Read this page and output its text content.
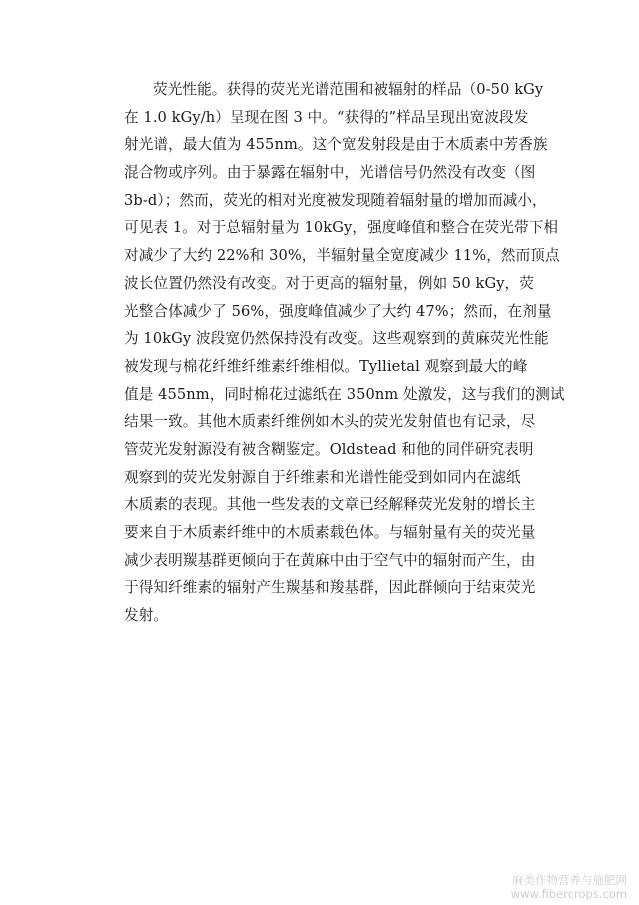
荧光性能。获得的荧光光谱范围和被辐射的样品（0-50 kGy
在 1.0 kGy/h）呈现在图 3 中。“获得的”样品呈现出宽波段发
射光谱，最大值为 455nm。这个宽发射段是由于木质素中芳香族
混合物或序列。由于暴露在辐射中，光谱信号仍然没有改变（图
3b-d）；然而，荧光的相对光度被发现随着辐射量的增加而减小，
可见表 1。对于总辐射量为 10kGy，强度峰值和整合在荧光带下相
对减少了大约 22%和 30%，半辐射量全宽度减少 11%，然而顶点
波长位置仍然没有改变。对于更高的辐射量，例如 50 kGy，荧
光整合体减少了 56%，强度峰值减少了大约 47%；然而，在剂量
为 10kGy 波段宽仍然保持没有改变。这些观察到的黄麻荧光性能
被发现与棉花纤维纤维素纤维相似。Tyllietal 观察到最大的峰
值是 455nm，同时棉花过滤纸在 350nm 处激发，这与我们的测试
结果一致。其他木质素纤维例如木头的荧光发射值也有记录，尽
管荧光发射源没有被含糊鉴定。Oldstead 和他的同伴研究表明
观察到的荧光发射源自于纤维素和光谱性能受到如同内在滤纸
木质素的表现。其他一些发表的文章已经解释荧光发射的增长主
要来自于木质素纤维中的木质素载色体。与辐射量有关的荧光量
减少表明羰基群更倾向于在黄麻中由于空气中的辐射而产生，由
于得知纤维素的辐射产生羰基和羧基群，因此群倾向于结束荧光
发射。
麻类作物营养与施肥网
www.fibercrops.com
